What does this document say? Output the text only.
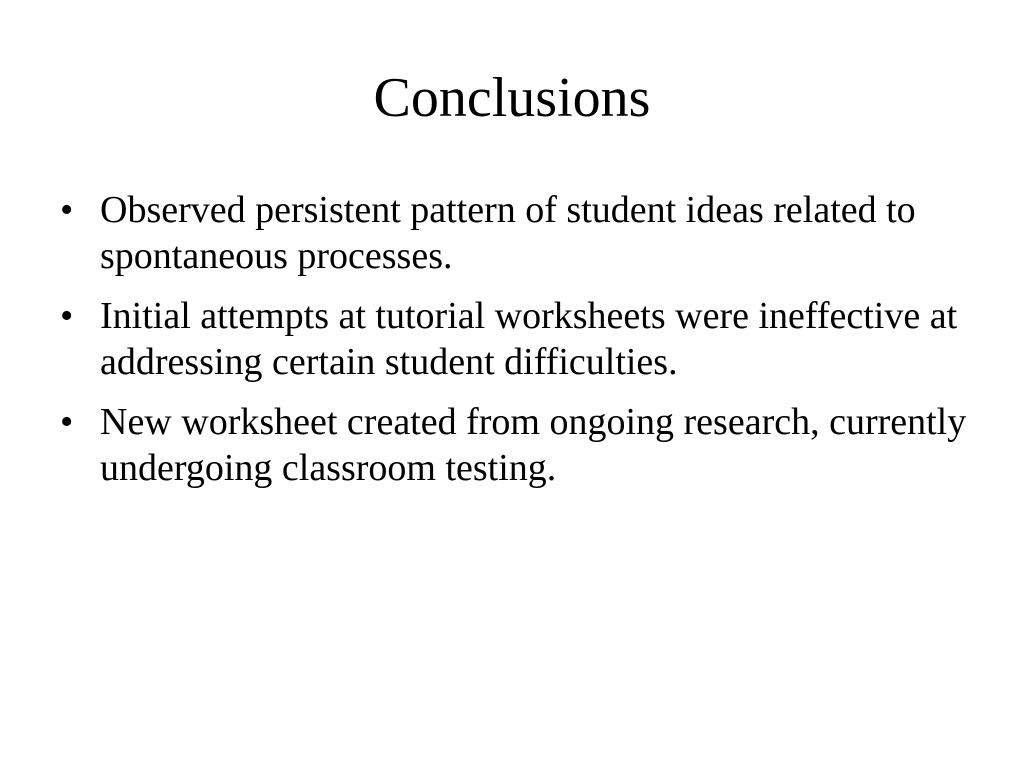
Conclusions
• Observed persistent pattern of student ideas related to spontaneous processes.
• Initial attempts at tutorial worksheets were ineffective at addressing certain student difficulties.
• New worksheet created from ongoing research, currently undergoing classroom testing.
